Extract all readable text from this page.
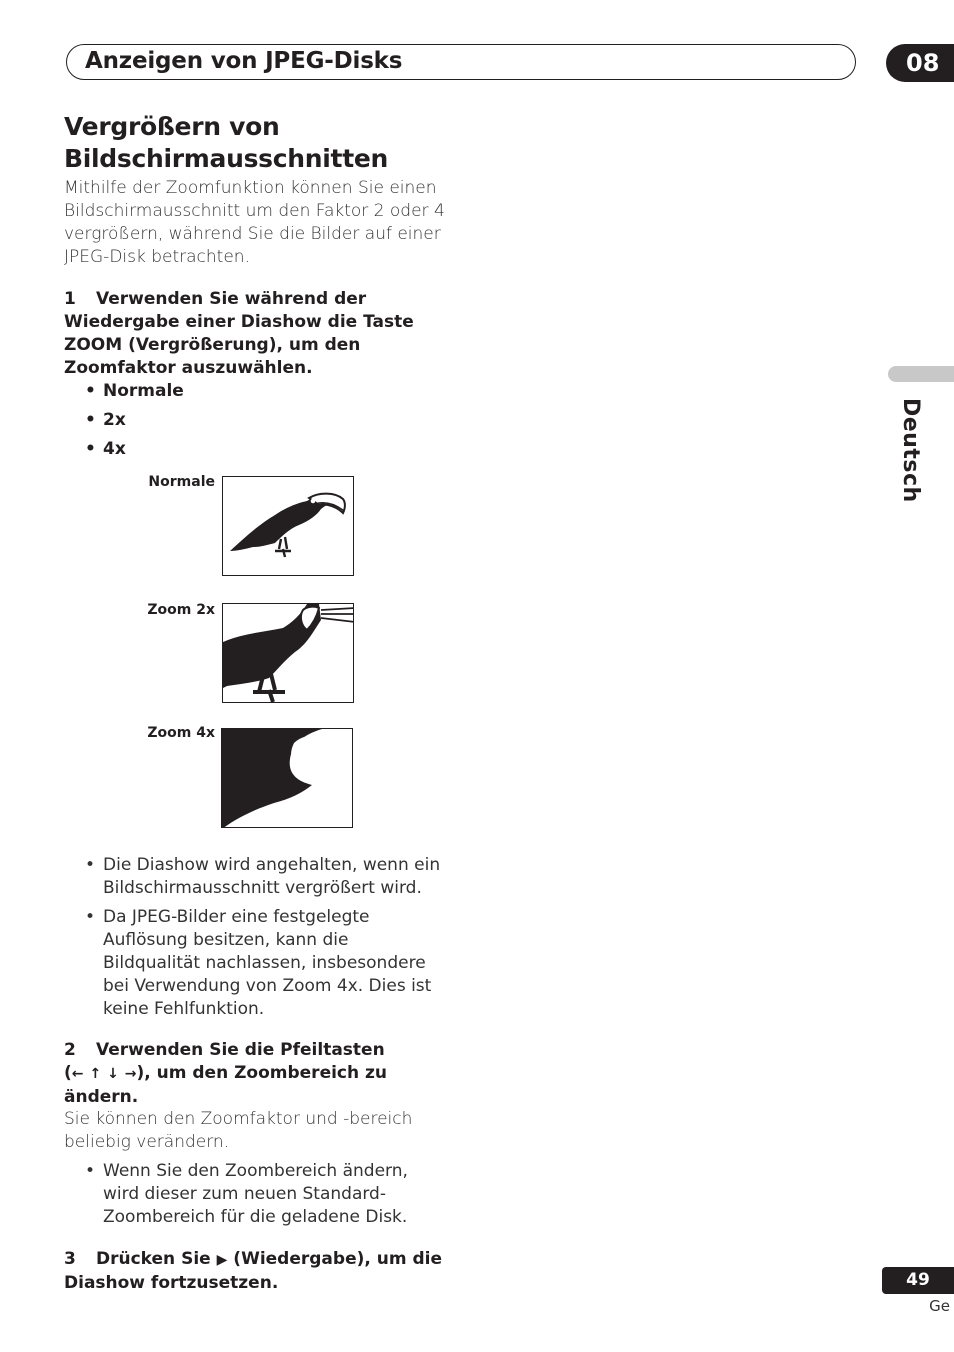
Anzeigen von JPEG-Disks	08
Deutsch
Vergrößern von
Bildschirmausschnitten
Mithilfe der Zoomfunktion können Sie einen
Bildschirmausschnitt um den Faktor 2 oder 4
vergrößern, während Sie die Bilder auf einer
JPEG-Disk betrachten.
1 Verwenden Sie während der
Wiedergabe einer Diashow die Taste
ZOOM (Vergrößerung), um den
Zoomfaktor auszuwählen.
• Normale
• 2x
• 4x
Normale
Zoom 2x
Zoom 4x
• Die Diashow wird angehalten, wenn ein
Bildschirmausschnitt vergrößert wird.
• Da JPEG-Bilder eine festgelegte
Auflösung besitzen, kann die
Bildqualität nachlassen, insbesondere
bei Verwendung von Zoom 4x. Dies ist
keine Fehlfunktion.
2 Verwenden Sie die Pfeiltasten
(← ↑ ↓ →), um den Zoombereich zu
ändern.
Sie können den Zoomfaktor und -bereich
beliebig verändern.
• Wenn Sie den Zoombereich ändern,
wird dieser zum neuen Standard-
Zoombereich für die geladene Disk.
3 Drücken Sie ▶ (Wiedergabe), um die
Diashow fortzusetzen.	49
Ge
